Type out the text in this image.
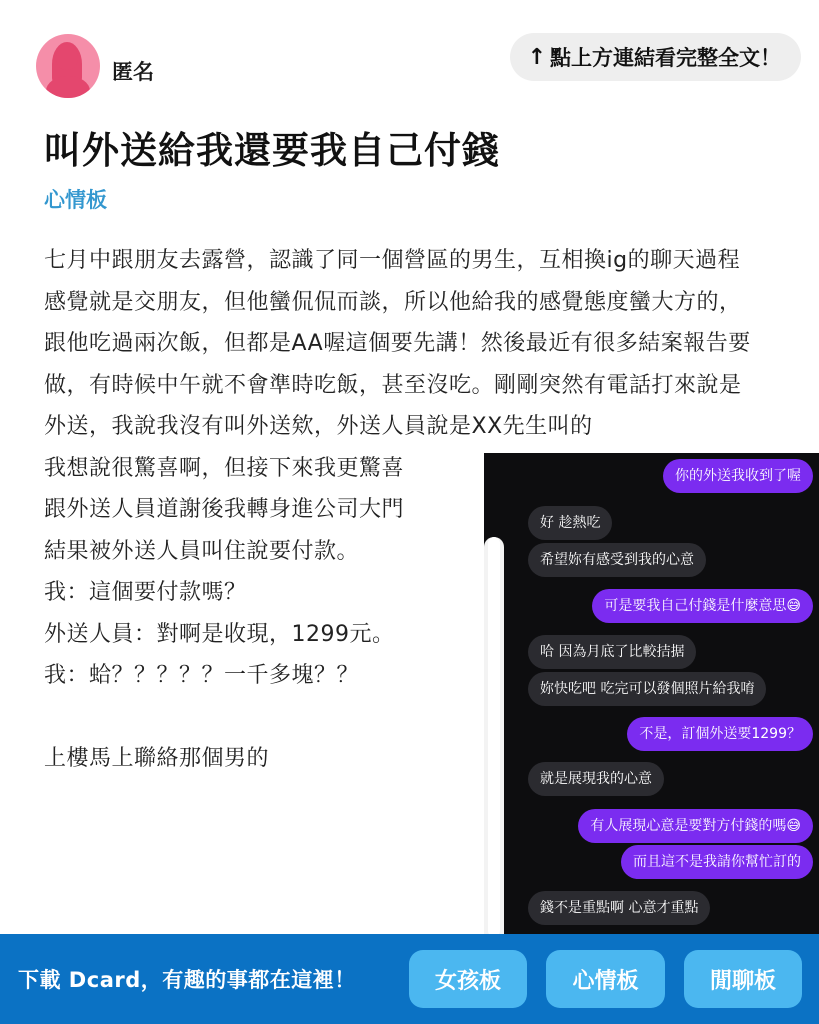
匿名
↑ 點上方連結看完整全文！
叫外送給我還要我自己付錢
心情板

七月中跟朋友去露營，認識了同一個營區的男生，互相換ig的聊天過程

感覺就是交朋友，但他蠻侃侃而談，所以他給我的感覺態度蠻大方的，

跟他吃過兩次飯，但都是AA喔這個要先講！然後最近有很多結案報告要

做，有時候中午就不會準時吃飯，甚至沒吃。剛剛突然有電話打來說是

外送，我說我沒有叫外送欸，外送人員說是XX先生叫的

我想說很驚喜啊，但接下來我更驚喜

跟外送人員道謝後我轉身進公司大門

結果被外送人員叫住說要付款。

我：這個要付款嗎？

外送人員：對啊是收現，1299元。

我：蛤？？？？？一千多塊？？

上樓馬上聯絡那個男的

你的外送我收到了喔
好 趁熱吃
希望妳有感受到我的心意
可是要我自己付錢是什麼意思😅
哈 因為月底了比較拮据
妳快吃吧 吃完可以發個照片給我唷
不是，訂個外送要1299？
就是展現我的心意
有人展現心意是要對方付錢的嗎😅
而且這不是我請你幫忙訂的
錢不是重點啊 心意才重點
下載 Dcard，有趣的事都在這裡！	女孩板	心情板	閒聊板
